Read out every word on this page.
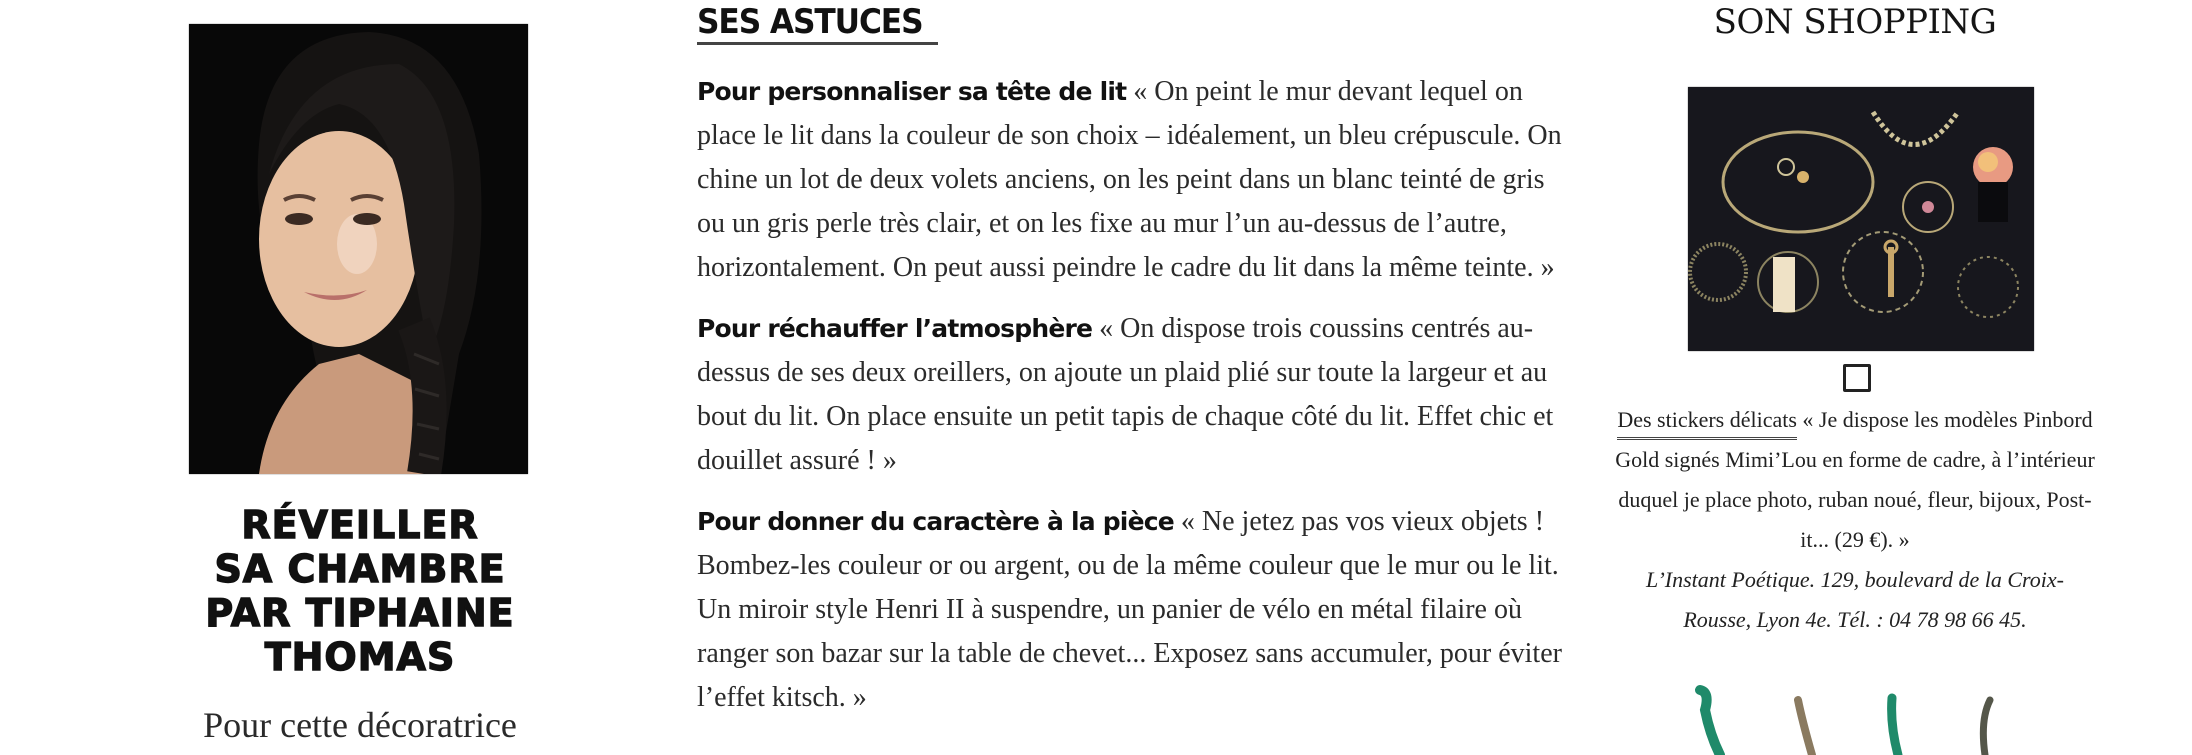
RÉVEILLER
SA CHAMBRE
PAR TIPHAINE
THOMAS
Pour cette décoratrice
SES ASTUCES

Pour personnaliser sa tête de lit « On peint le mur devant lequel on place le lit dans la couleur de son choix – idéalement, un bleu crépuscule. On chine un lot de deux volets anciens, on les peint dans un blanc teinté de gris ou un gris perle très clair, et on les fixe au mur l’un au-dessus de l’autre, horizontalement. On peut aussi peindre le cadre du lit dans la même teinte. »

Pour réchauffer l’atmosphère « On dispose trois coussins centrés au-dessus de ses deux oreillers, on ajoute un plaid plié sur toute la largeur et au bout du lit. On place ensuite un petit tapis de chaque côté du lit. Effet chic et douillet assuré ! »

Pour donner du caractère à la pièce « Ne jetez pas vos vieux objets ! Bombez-les couleur or ou argent, ou de la même couleur que le mur ou le lit. Un miroir style Henri II à suspendre, un panier de vélo en métal filaire où ranger son bazar sur la table de chevet... Exposez sans accumuler, pour éviter l’effet kitsch. »

SON SHOPPING
Des stickers délicats « Je dispose les modèles Pinbord Gold signés Mimi’Lou en forme de cadre, à l’intérieur duquel je place photo, ruban noué, fleur, bijoux, Post-it... (29 €). »
L’Instant Poétique. 129, boulevard de la Croix-Rousse, Lyon 4e. Tél. : 04 78 98 66 45.
